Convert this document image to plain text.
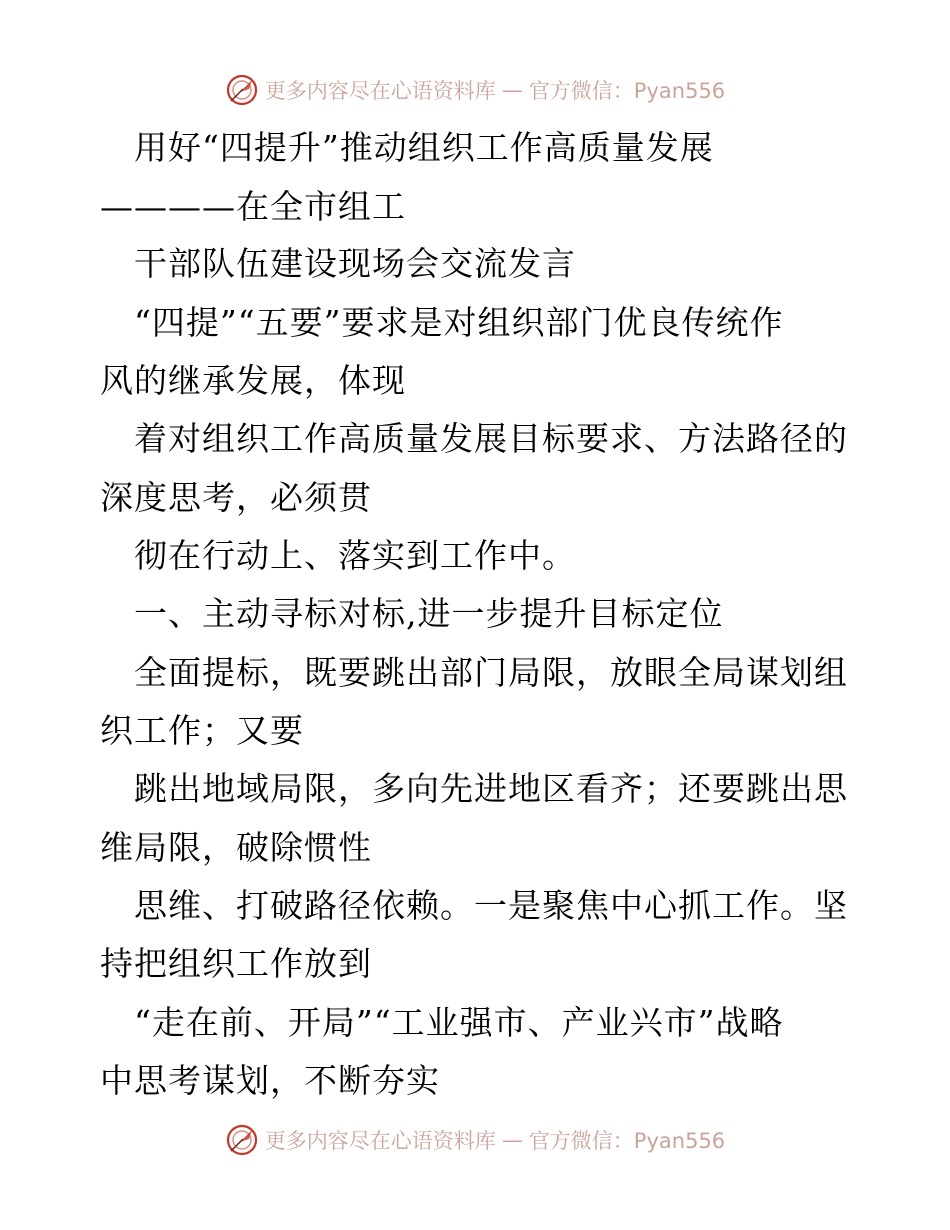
更多内容尽在心语资料库 — 官方微信：Pyan556
用好“四提升”推动组织工作高质量发展
————在全市组工
干部队伍建设现场会交流发言
“四提”“五要”要求是对组织部门优良传统作
风的继承发展，体现
着对组织工作高质量发展目标要求、方法路径的
深度思考，必须贯
彻在行动上、落实到工作中。
一、主动寻标对标,进一步提升目标定位
全面提标，既要跳出部门局限，放眼全局谋划组
织工作；又要
跳出地域局限，多向先进地区看齐；还要跳出思
维局限，破除惯性
思维、打破路径依赖。一是聚焦中心抓工作。坚
持把组织工作放到
“走在前、开局”“工业强市、产业兴市”战略
中思考谋划，不断夯实
更多内容尽在心语资料库 — 官方微信：Pyan556
